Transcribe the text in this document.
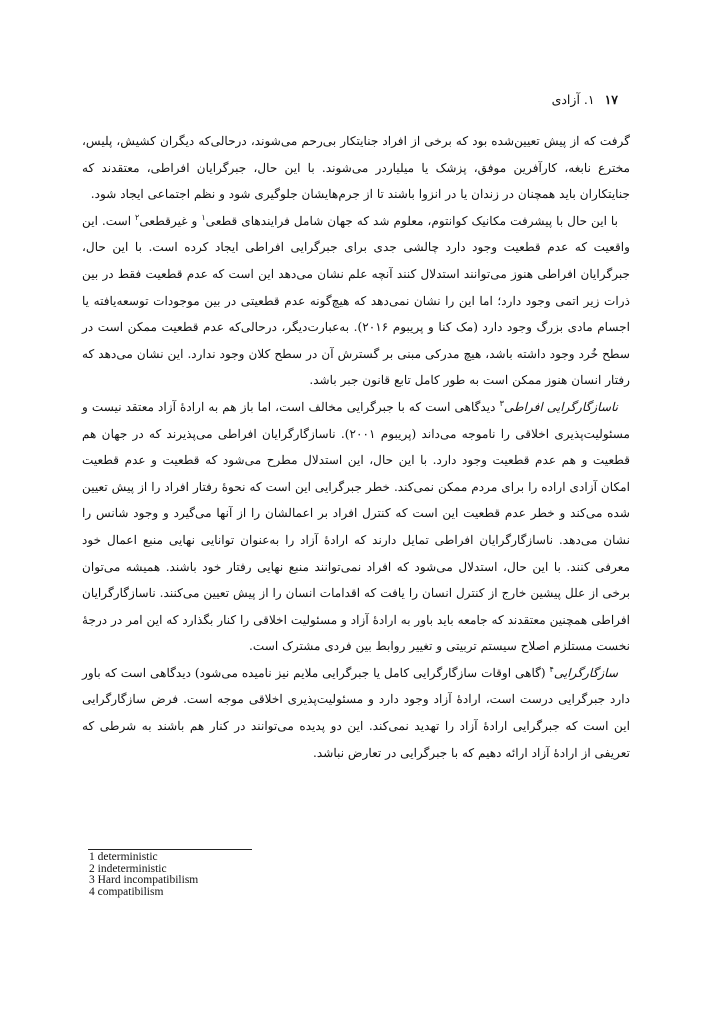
۱۷ ۱. آزادی

گرفت که از پیش تعیین‌شده بود که برخی از افراد جنایتکار بی‌رحم می‌شوند، درحالی‌که دیگران کشیش، پلیس، مخترع نابغه، کارآفرین موفق، پزشک یا میلیاردر می‌شوند. با این حال، جبرگرایان افراطی، معتقدند که جنایتکاران باید همچنان در زندان یا در انزوا باشند تا از جرم‌هایشان جلوگیری شود و نظم اجتماعی ایجاد شود.

با این حال با پیشرفت مکانیک کوانتوم، معلوم شد که جهان شامل فرایندهای قطعی$^۱$ و غیرقطعی$^۲$ است. این واقعیت که عدم قطعیت وجود دارد چالشی جدی برای جبرگرایی افراطی ایجاد کرده است. با این حال، جبرگرایان افراطی هنوز می‌توانند استدلال کنند آنچه علم نشان می‌دهد این است که عدم قطعیت فقط در بین ذرات زیر اتمی وجود دارد؛ اما این را نشان نمی‌دهد که هیچ‌گونه عدم قطعیتی در بین موجودات توسعه‌یافته یا اجسام مادی بزرگ وجود دارد (مک کنا و پریبوم ۲۰۱۶). به‌عبارت‌دیگر، درحالی‌که عدم قطعیت ممکن است در سطح خُرد وجود داشته باشد، هیچ مدرکی مبنی بر گسترش آن در سطح کلان وجود ندارد. این نشان می‌دهد که رفتار انسان هنوز ممکن است به طور کامل تابع قانون جبر باشد.

ناسازگارگرایی افراطی$^۳$ دیدگاهی است که با جبرگرایی مخالف است، اما باز هم به ارادهٔ آزاد معتقد نیست و مسئولیت‌پذیری اخلاقی را ناموجه می‌داند (پریبوم ۲۰۰۱). ناسازگارگرایان افراطی می‌پذیرند که در جهان هم قطعیت و هم عدم قطعیت وجود دارد. با این حال، این استدلال مطرح می‌شود که قطعیت و عدم قطعیت امکان آزادی اراده را برای مردم ممکن نمی‌کند. خطر جبرگرایی این است که نحوهٔ رفتار افراد را از پیش تعیین شده می‌کند و خطر عدم قطعیت این است که کنترل افراد بر اعمالشان را از آنها می‌گیرد و وجود شانس را نشان می‌دهد. ناسازگارگرایان افراطی تمایل دارند که ارادهٔ آزاد را به‌عنوان توانایی نهایی منبع اعمال خود معرفی کنند. با این حال، استدلال می‌شود که افراد نمی‌توانند منبع نهایی رفتار خود باشند. همیشه می‌توان برخی از علل پیشین خارج از کنترل انسان را یافت که اقدامات انسان را از پیش تعیین می‌کنند. ناسازگارگرایان افراطی همچنین معتقدند که جامعه باید باور به ارادهٔ آزاد و مسئولیت اخلاقی را کنار بگذارد که این امر در درجهٔ نخست مستلزم اصلاح سیستم تربیتی و تغییر روابط بین فردی مشترک است.

سازگارگرایی$^۴$ (گاهی اوقات سازگارگرایی کامل یا جبرگرایی ملایم نیز نامیده می‌شود) دیدگاهی است که باور دارد جبرگرایی درست است، ارادهٔ آزاد وجود دارد و مسئولیت‌پذیری اخلاقی موجه است. فرض سازگارگرایی این است که جبرگرایی ارادهٔ آزاد را تهدید نمی‌کند. این دو پدیده می‌توانند در کنار هم باشند به شرطی که تعریفی از ارادهٔ آزاد ارائه دهیم که با جبرگرایی در تعارض نباشد.

1 deterministic
2 indeterministic
3 Hard incompatibilism
4 compatibilism
